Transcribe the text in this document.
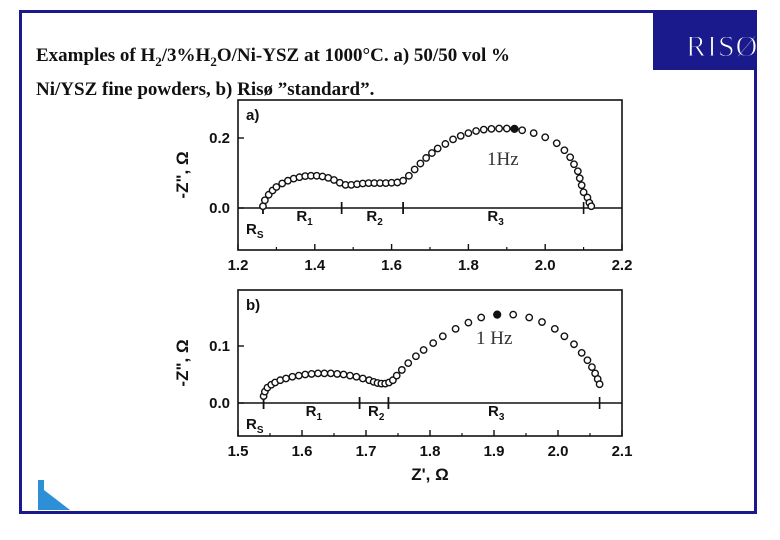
RISØ
Examples of $H_2/3\%H_2O/Ni$-YSZ at 1000°C. a) 50/50 vol %
Ni/YSZ fine powders, b) Risø ”standard”.
1.2	1.4	1.6	1.8	2.0	2.2
0.0
0.2
-Z", Ω
a)
$R_S$
$R_1$	$R_2$	$R_3$
1Hz
1.5	1.6	1.7	1.8	1.9	2.0	2.1
0.0
0.1
-Z", Ω
Z', Ω
b)
$R_S$
$R_1$	$R_2$	$R_3$
1 Hz
